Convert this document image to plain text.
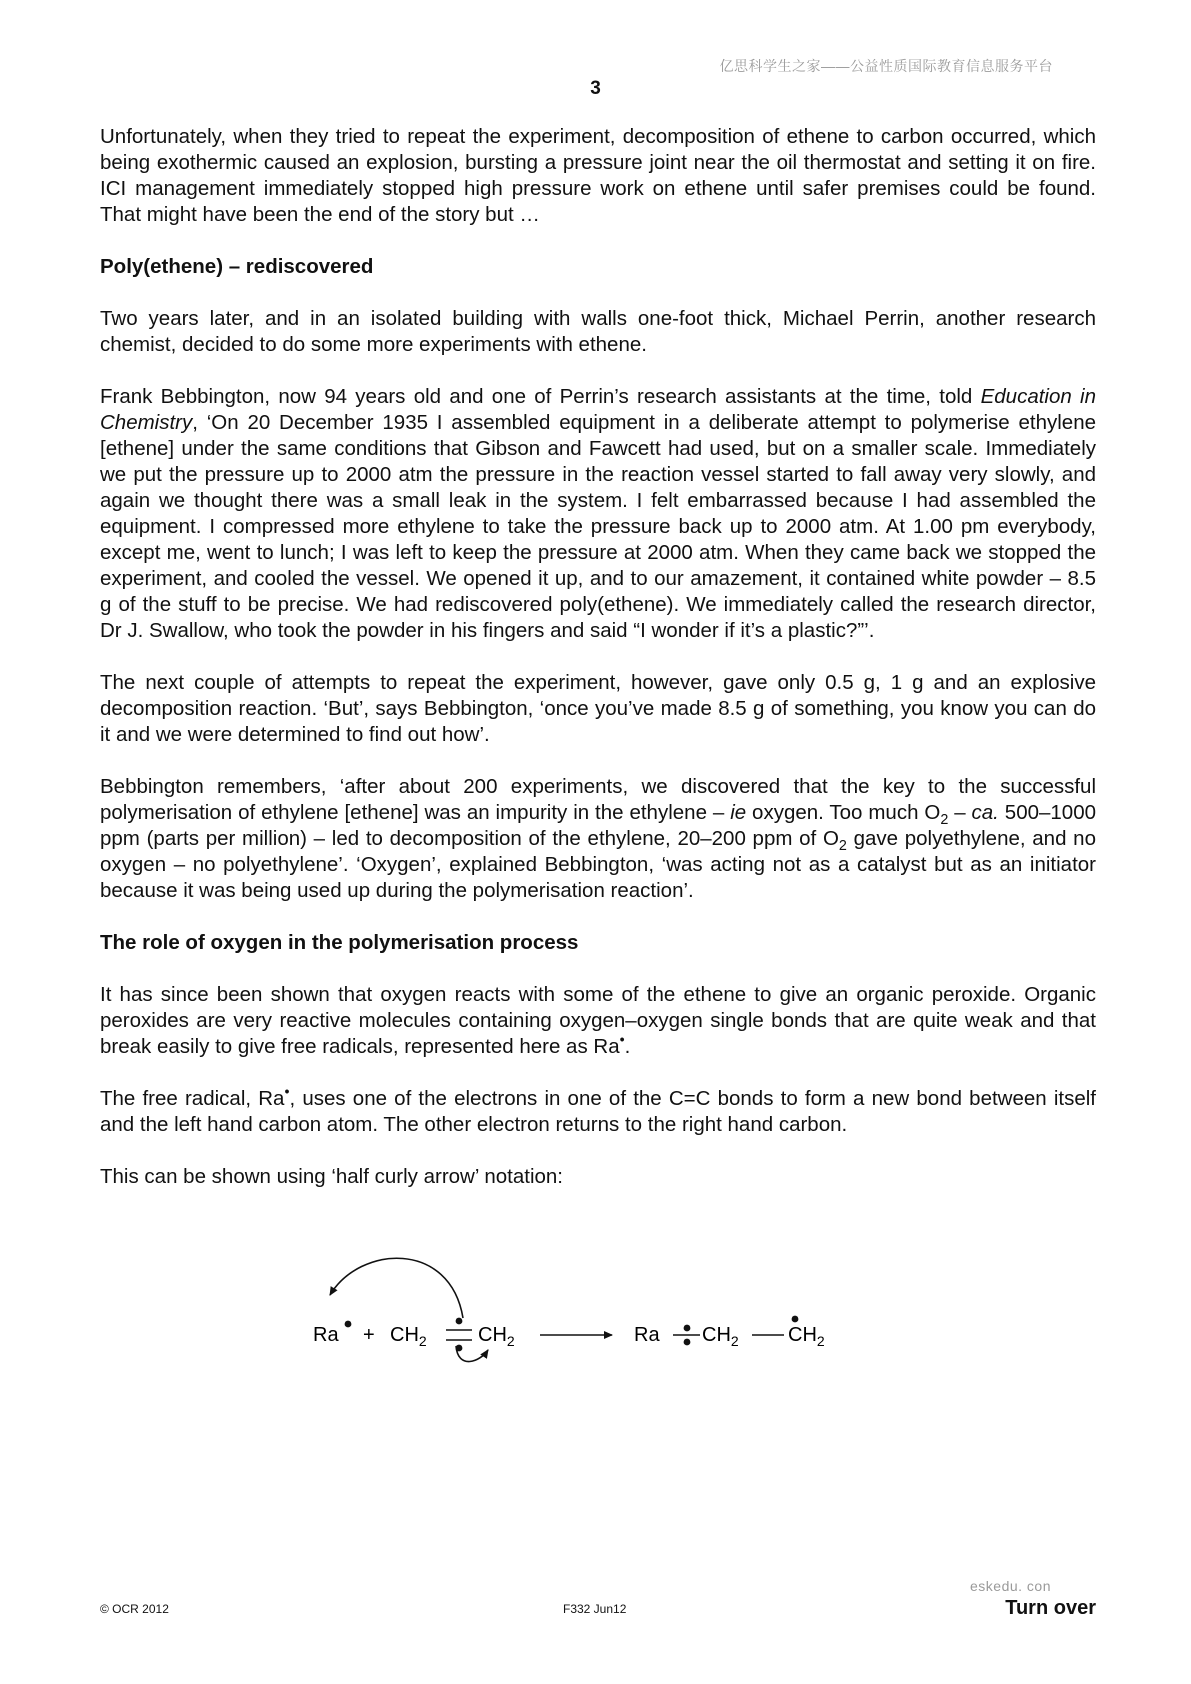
亿思科学生之家——公益性质国际教育信息服务平台
3

Unfortunately, when they tried to repeat the experiment, decomposition of ethene to carbon occurred, which being exothermic caused an explosion, bursting a pressure joint near the oil thermostat and setting it on fire. ICI management immediately stopped high pressure work on ethene until safer premises could be found. That might have been the end of the story but …

Poly(ethene) – rediscovered

Two years later, and in an isolated building with walls one-foot thick, Michael Perrin, another research chemist, decided to do some more experiments with ethene.

Frank Bebbington, now 94 years old and one of Perrin’s research assistants at the time, told Education in Chemistry, ‘On 20 December 1935 I assembled equipment in a deliberate attempt to polymerise ethylene [ethene] under the same conditions that Gibson and Fawcett had used, but on a smaller scale. Immediately we put the pressure up to 2000 atm the pressure in the reaction vessel started to fall away very slowly, and again we thought there was a small leak in the system. I felt embarrassed because I had assembled the equipment. I compressed more ethylene to take the pressure back up to 2000 atm. At 1.00 pm everybody, except me, went to lunch; I was left to keep the pressure at 2000 atm. When they came back we stopped the experiment, and cooled the vessel. We opened it up, and to our amazement, it contained white powder – 8.5 g of the stuff to be precise. We had rediscovered poly(ethene). We immediately called the research director, Dr J. Swallow, who took the powder in his fingers and said “I wonder if it’s a plastic?”’.

The next couple of attempts to repeat the experiment, however, gave only 0.5 g, 1 g and an explosive decomposition reaction. ‘But’, says Bebbington, ‘once you’ve made 8.5 g of something, you know you can do it and we were determined to find out how’.

Bebbington remembers, ‘after about 200 experiments, we discovered that the key to the successful polymerisation of ethylene [ethene] was an impurity in the ethylene – ie oxygen. Too much $O_2$ – ca. 500–1000 ppm (parts per million) – led to decomposition of the ethylene, 20–200 ppm of $O_2$ gave polyethylene, and no oxygen – no polyethylene’. ‘Oxygen’, explained Bebbington, ‘was acting not as a catalyst but as an initiator because it was being used up during the polymerisation reaction’.

The role of oxygen in the polymerisation process

It has since been shown that oxygen reacts with some of the ethene to give an organic peroxide. Organic peroxides are very reactive molecules containing oxygen–oxygen single bonds that are quite weak and that break easily to give free radicals, represented here as Ra•.

The free radical, Ra•, uses one of the electrons in one of the C=C bonds to form a new bond between itself and the left hand carbon atom. The other electron returns to the right hand carbon.

This can be shown using ‘half curly arrow’ notation:

$Ra + CH_2$	$CH_2$	Ra $CH_2$ $CH_2$
eskedu. con
© OCR 2012	F332 Jun12	Turn over
